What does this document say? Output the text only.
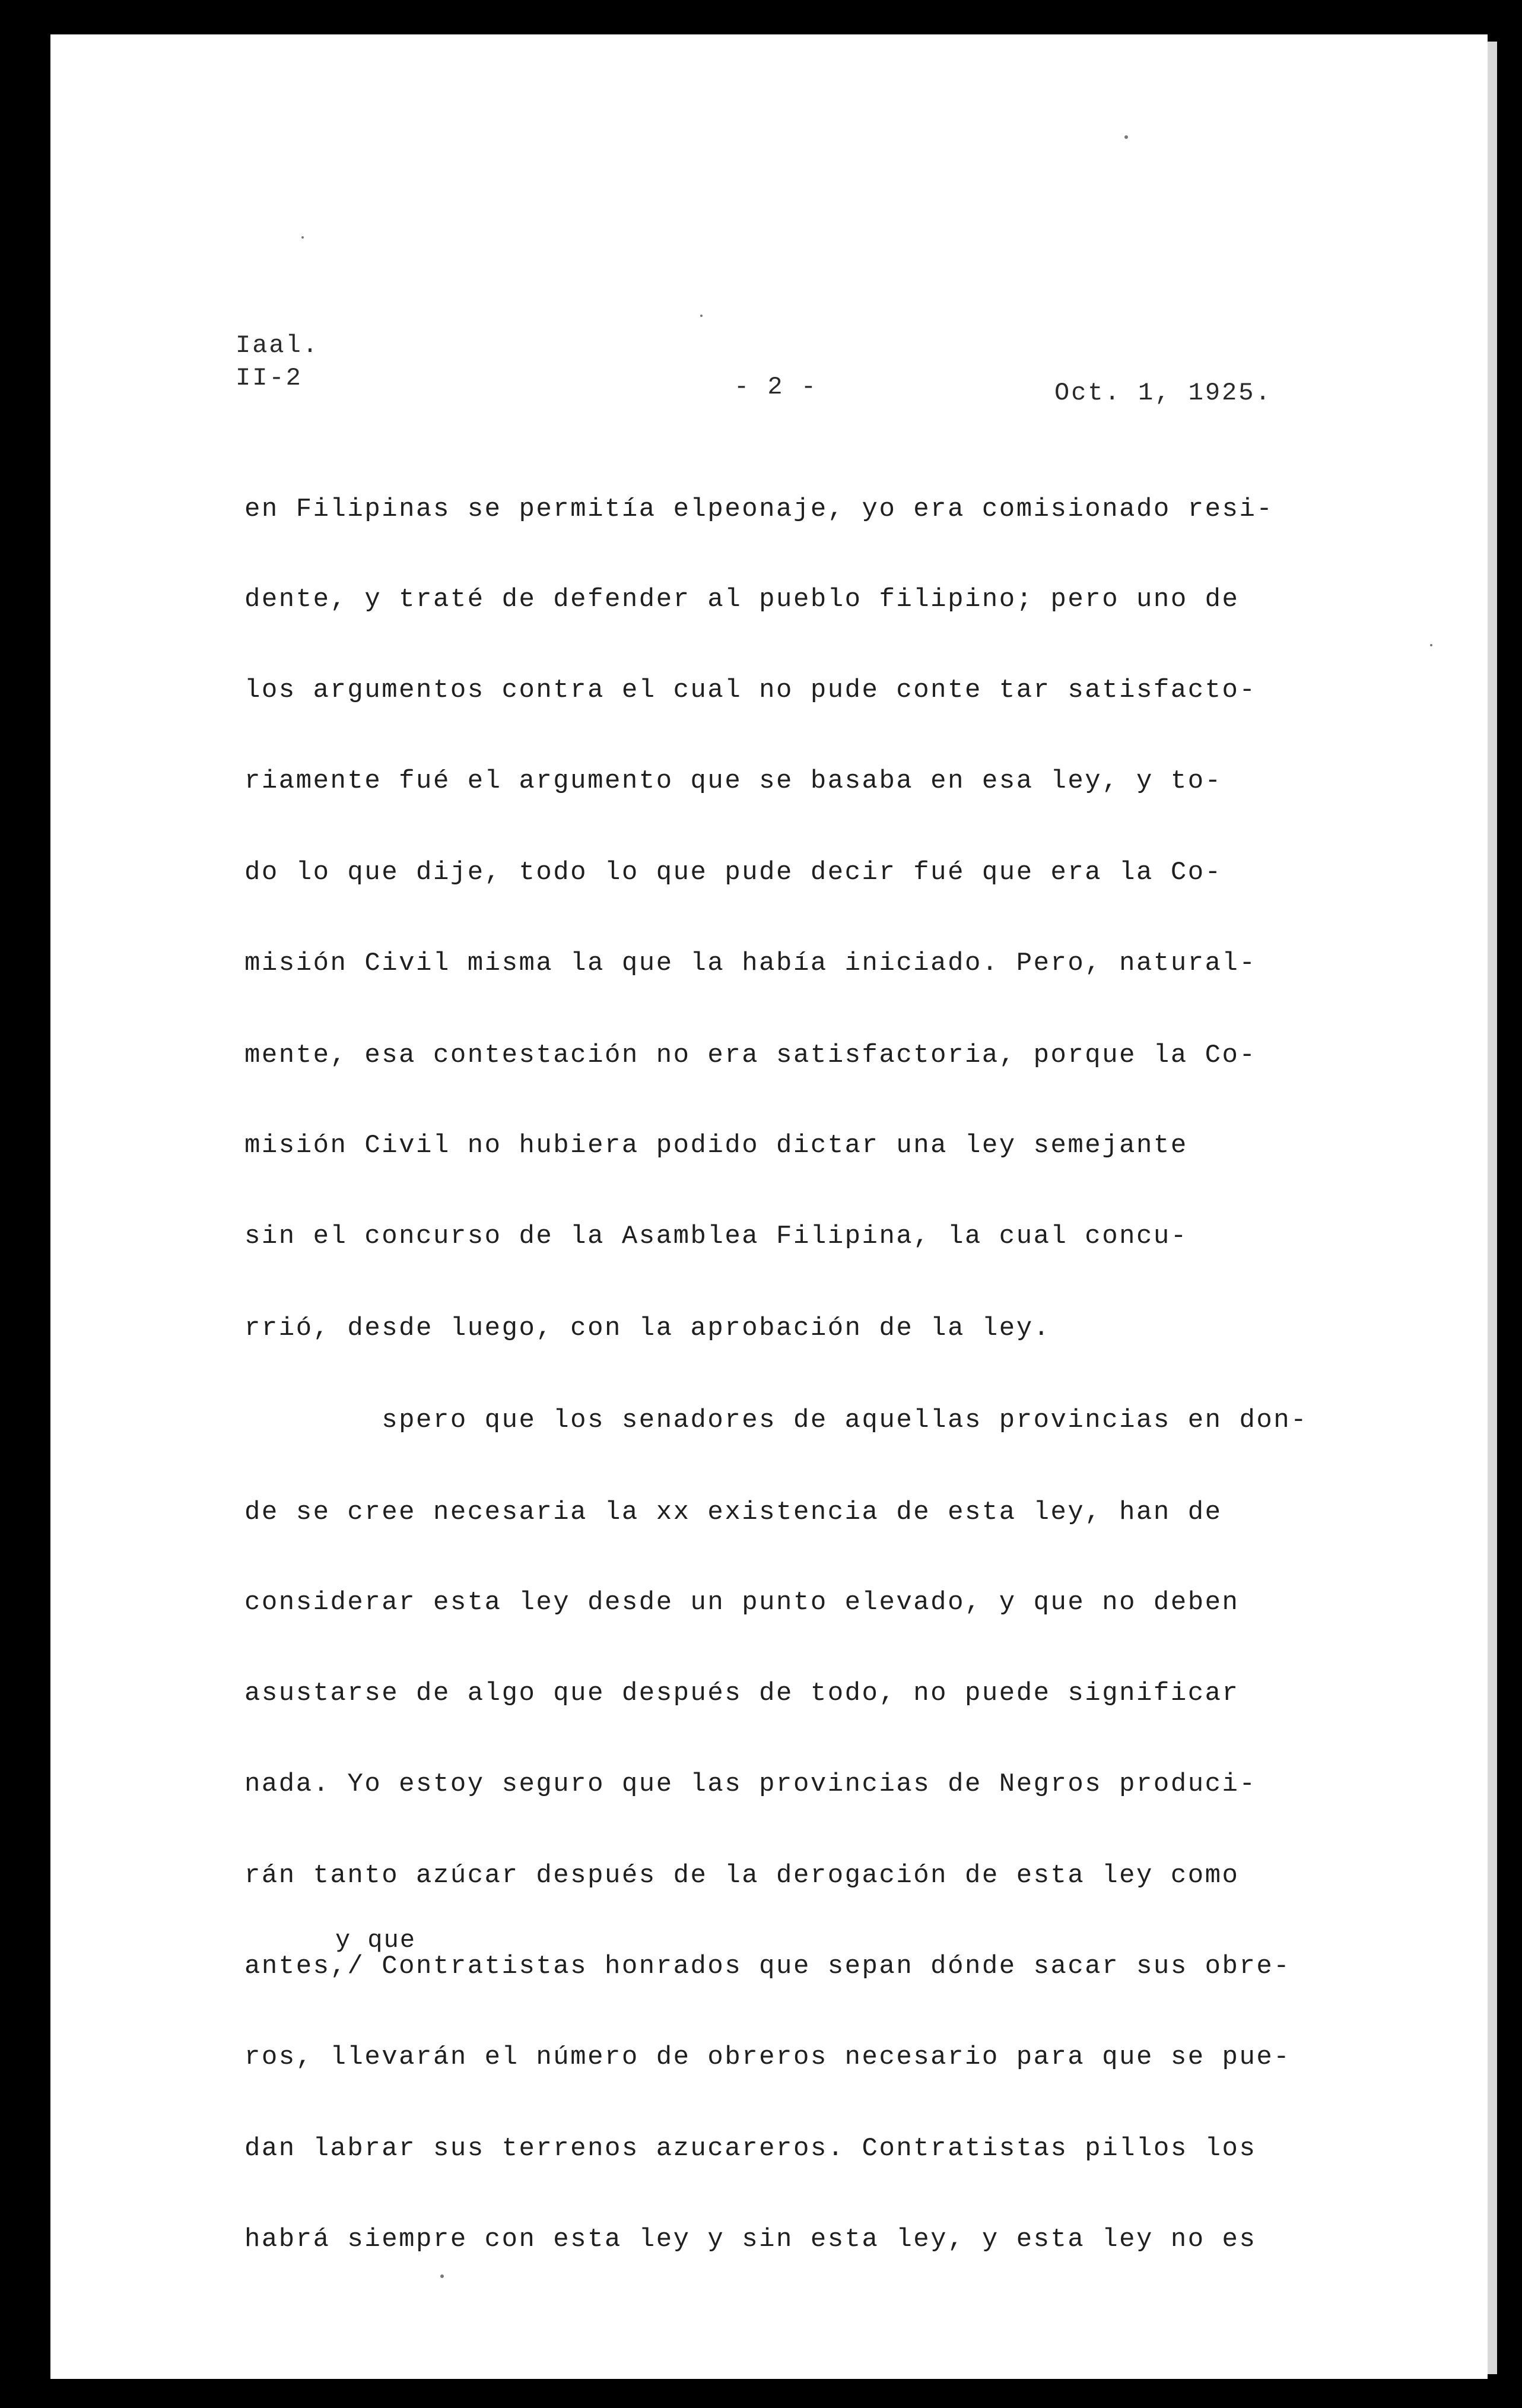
Iaal.
II-2	- 2 -	Oct. 1, 1925.
en Filipinas se permitía elpeonaje, yo era comisionado resi-
dente, y traté de defender al pueblo filipino; pero uno de
los argumentos contra el cual no pude conte tar satisfacto-
riamente fué el argumento que se basaba en esa ley, y to-
do lo que dije, todo lo que pude decir fué que era la Co-
misión Civil misma la que la había iniciado. Pero, natural-
mente, esa contestación no era satisfactoria, porque la Co-
misión Civil no hubiera podido dictar una ley semejante
sin el concurso de la Asamblea Filipina, la cual concu-
rrió, desde luego, con la aprobación de la ley.
spero que los senadores de aquellas provincias en don-
de se cree necesaria la xx existencia de esta ley, han de
considerar esta ley desde un punto elevado, y que no deben
asustarse de algo que después de todo, no puede significar
nada. Yo estoy seguro que las provincias de Negros produci-
rán tanto azúcar después de la derogación de esta ley como
antes,/ Contratistas honrados que sepan dónde sacar sus obre-
ros, llevarán el número de obreros necesario para que se pue-
dan labrar sus terrenos azucareros. Contratistas pillos los
habrá siempre con esta ley y sin esta ley, y esta ley no es
y que
